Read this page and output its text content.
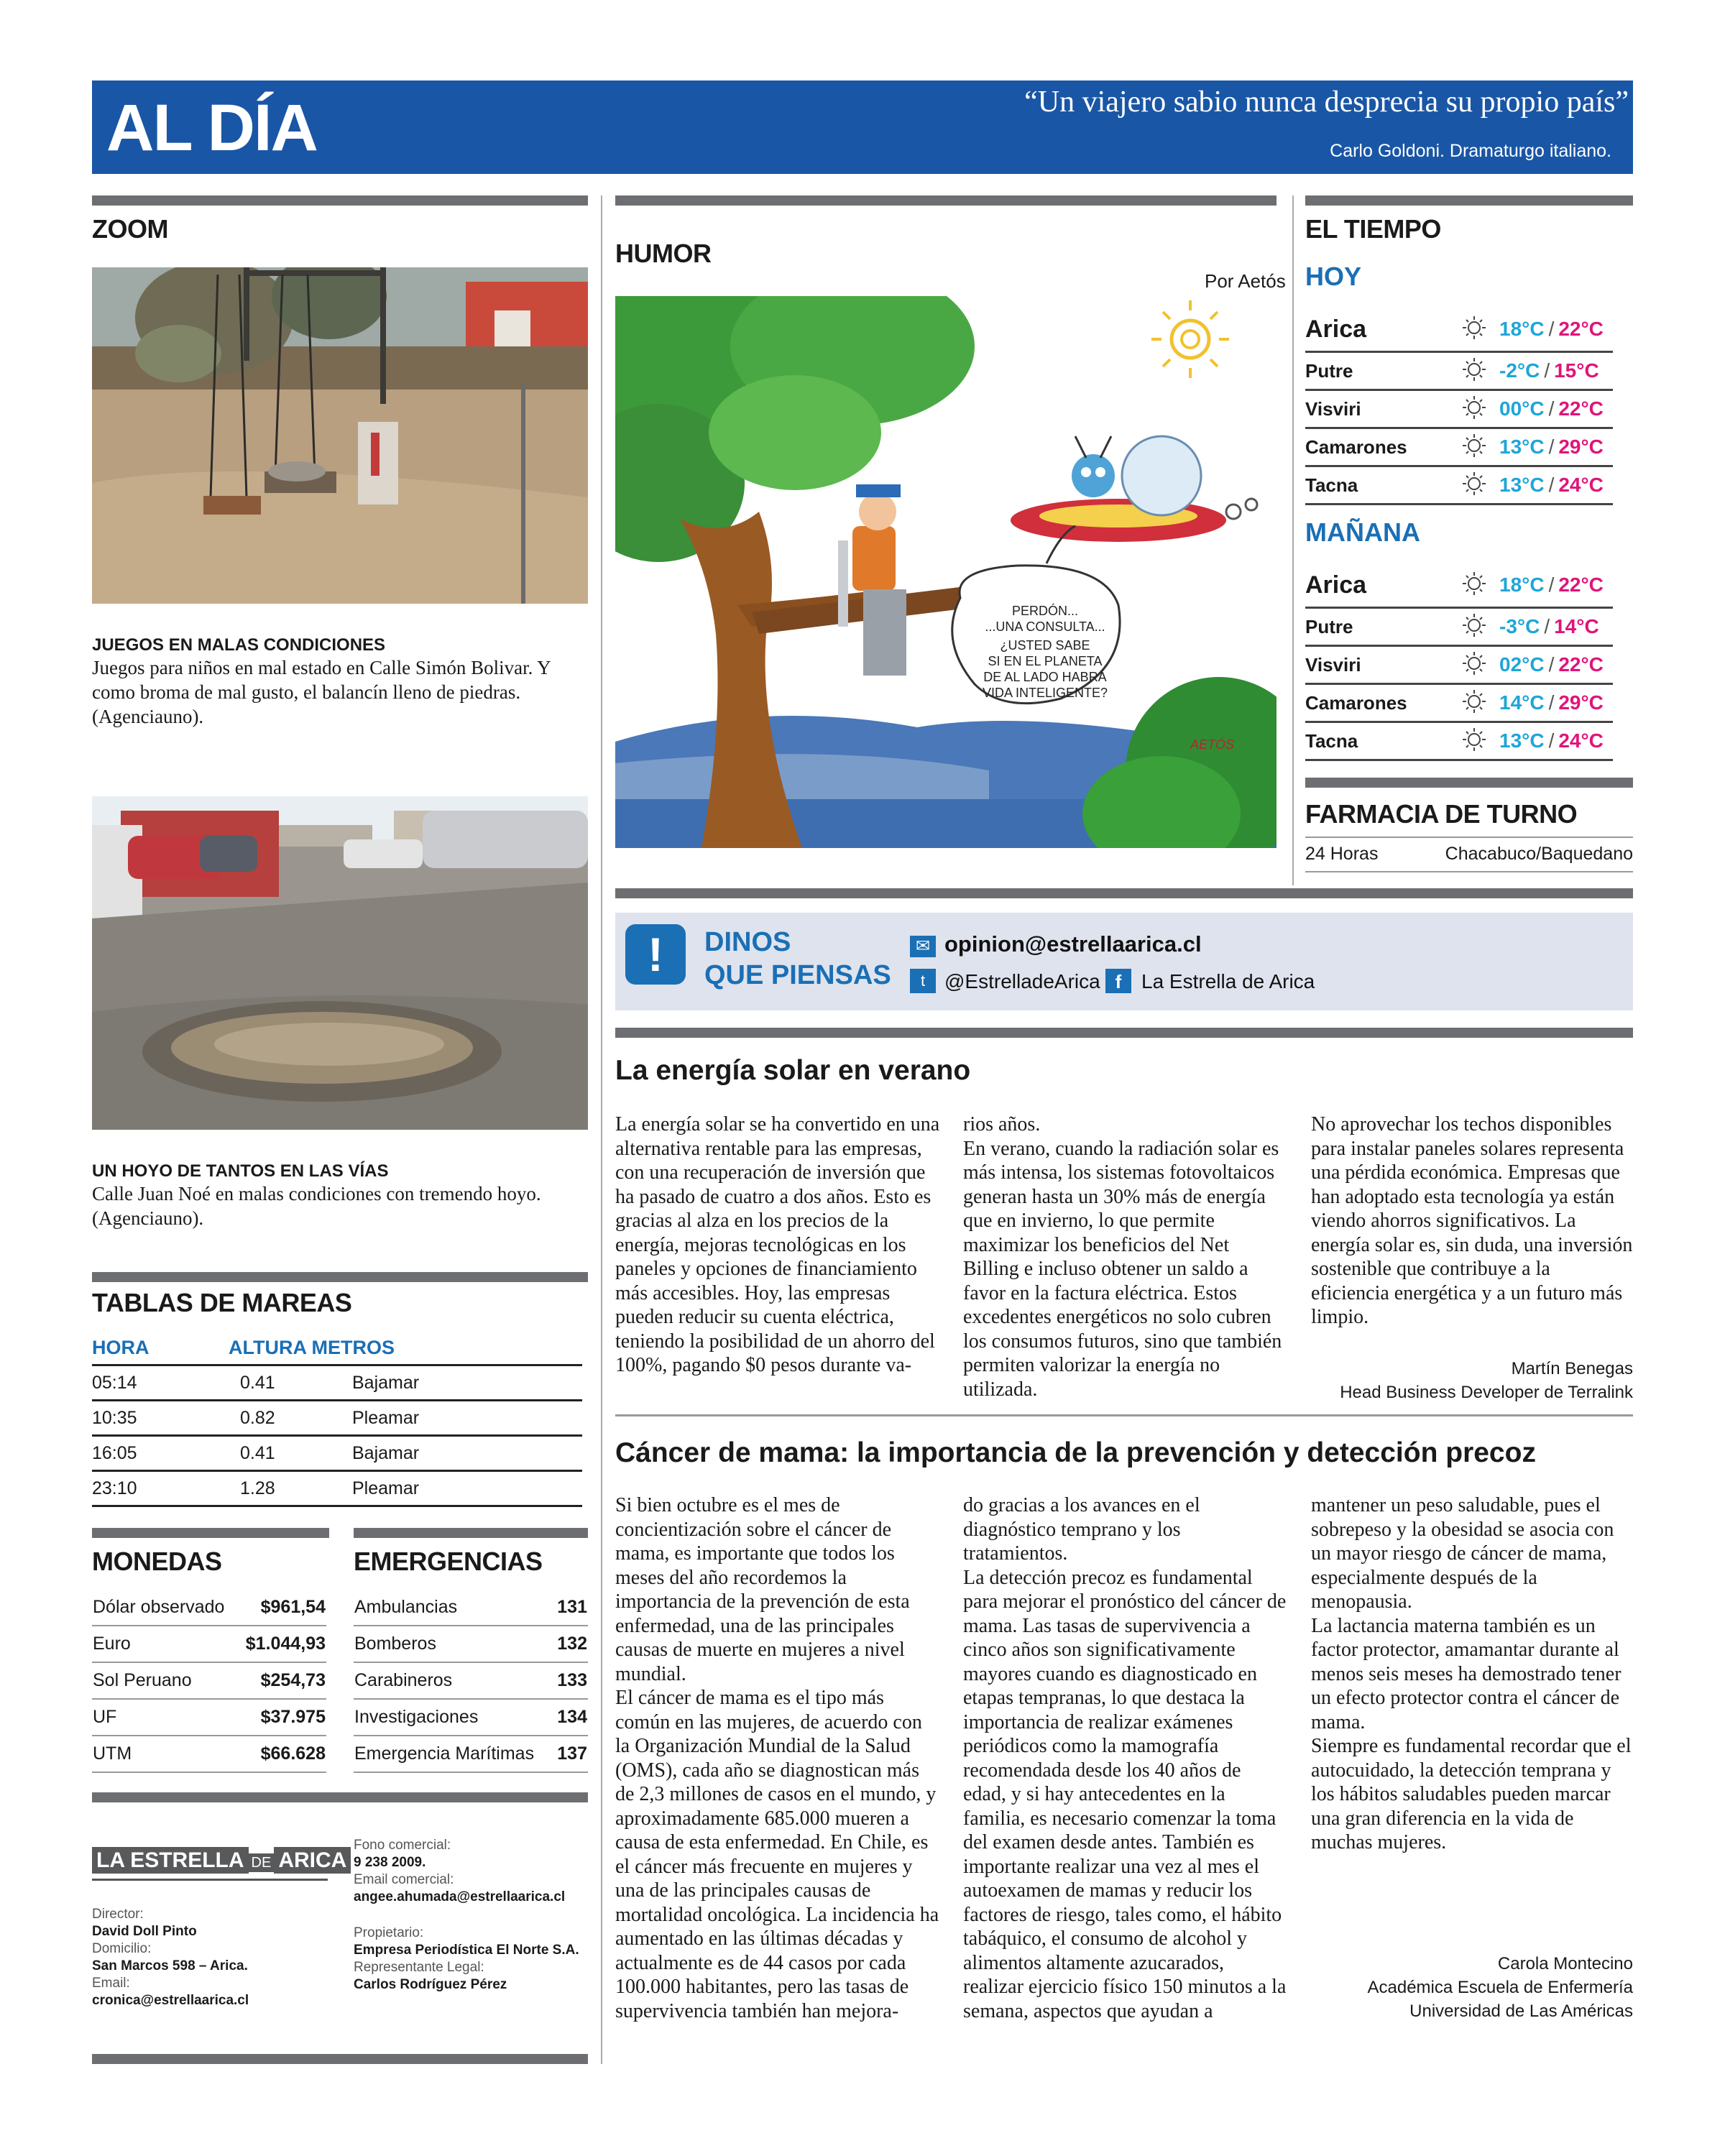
AL DÍA	“Un viajero sabio nunca desprecia su propio país”
Carlo Goldoni. Dramaturgo italiano.
ZOOM
JUEGOS EN MALAS CONDICIONES

Juegos para niños en mal estado en Calle Simón Bolivar. Y como broma de mal gusto, el balancín lleno de piedras. (Agenciauno).

UN HOYO DE TANTOS EN LAS VÍAS

Calle Juan Noé en malas condiciones con tremendo hoyo. (Agenciauno).

TABLAS DE MAREAS
HORA	ALTURA METROS
05:14	0.41	Bajamar
10:35	0.82	Pleamar
16:05	0.41	Bajamar
23:10	1.28	Pleamar
MONEDAS	EMERGENCIAS
Dólar observado	$961,54
Euro	$1.044,93
Sol Peruano	$254,73
UF	$37.975
UTM	$66.628
Ambulancias	131
Bomberos	132
Carabineros	133
Investigaciones	134
Emergencia Marítimas	137
LA ESTRELLA DE ARICA
Director:
David Doll Pinto
Domicilio:
San Marcos 598 – Arica.
Email:
cronica@estrellaarica.cl
Fono comercial:
9 238 2009.
Email comercial:
angee.ahumada@estrellaarica.cl
Propietario:
Empresa Periodística El Norte S.A.
Representante Legal:
Carlos Rodríguez Pérez
HUMOR
Por Aetós
PERDÓN...
...UNA CONSULTA...
¿USTED SABE
SI EN EL PLANETA
DE AL LADO HABRÁ
VIDA INTELIGENTE?
AETÓS
EL TIEMPO
HOY
Arica	18°C / 22°C
Putre	-2°C / 15°C
Visviri	00°C / 22°C
Camarones	13°C / 29°C
Tacna	13°C / 24°C
MAÑANA
Arica	18°C / 22°C
Putre	-3°C / 14°C
Visviri	02°C / 22°C
Camarones	14°C / 29°C
Tacna	13°C / 24°C
FARMACIA DE TURNO
24 Horas	Chacabuco/Baquedano
!	DINOS
QUE PIENSAS
✉ opinion@estrellaarica.cl
t @EstrelladeArica f La Estrella de Arica
La energía solar en verano
La energía solar se ha convertido en una alternativa rentable para las empresas, con una recuperación de inversión que ha pasado de cuatro a dos años. Esto es gracias al alza en los precios de la energía, mejoras tecnológicas en los paneles y opciones de financiamiento más accesibles. Hoy, las empresas pueden reducir su cuenta eléctrica, teniendo la posibilidad de un ahorro del 100%, pagando $0 pesos durante va-
rios años.
En verano, cuando la radiación solar es más intensa, los sistemas fotovoltaicos generan hasta un 30% más de energía que en invierno, lo que permite maximizar los beneficios del Net Billing e incluso obtener un saldo a favor en la factura eléctrica. Estos excedentes energéticos no solo cubren los consumos futuros, sino que también permiten valorizar la energía no utilizada.
No aprovechar los techos disponibles para instalar paneles solares representa una pérdida económica. Empresas que han adoptado esta tecnología ya están viendo ahorros significativos. La energía solar es, sin duda, una inversión sostenible que contribuye a la eficiencia energética y a un futuro más limpio.
Martín Benegas
Head Business Developer de Terralink
Cáncer de mama: la importancia de la prevención y detección precoz
Si bien octubre es el mes de concientización sobre el cáncer de mama, es importante que todos los meses del año recordemos la importancia de la prevención de esta enfermedad, una de las principales causas de muerte en mujeres a nivel mundial.
El cáncer de mama es el tipo más común en las mujeres, de acuerdo con la Organización Mundial de la Salud (OMS), cada año se diagnostican más de 2,3 millones de casos en el mundo, y aproximadamente 685.000 mueren a causa de esta enfermedad. En Chile, es el cáncer más frecuente en mujeres y una de las principales causas de mortalidad oncológica. La incidencia ha aumentado en las últimas décadas y actualmente es de 44 casos por cada 100.000 habitantes, pero las tasas de supervivencia también han mejora-
do gracias a los avances en el diagnóstico temprano y los tratamientos.
La detección precoz es fundamental para mejorar el pronóstico del cáncer de mama. Las tasas de supervivencia a cinco años son significativamente mayores cuando es diagnosticado en etapas tempranas, lo que destaca la importancia de realizar exámenes periódicos como la mamografía recomendada desde los 40 años de edad, y si hay antecedentes en la familia, es necesario comenzar la toma del examen desde antes. También es importante realizar una vez al mes el autoexamen de mamas y reducir los factores de riesgo, tales como, el hábito tabáquico, el consumo de alcohol y alimentos altamente azucarados, realizar ejercicio físico 150 minutos a la semana, aspectos que ayudan a
mantener un peso saludable, pues el sobrepeso y la obesidad se asocia con un mayor riesgo de cáncer de mama, especialmente después de la menopausia.
La lactancia materna también es un factor protector, amamantar durante al menos seis meses ha demostrado tener un efecto protector contra el cáncer de mama.
Siempre es fundamental recordar que el autocuidado, la detección temprana y los hábitos saludables pueden marcar una gran diferencia en la vida de muchas mujeres.
Carola Montecino
Académica Escuela de Enfermería
Universidad de Las Américas
